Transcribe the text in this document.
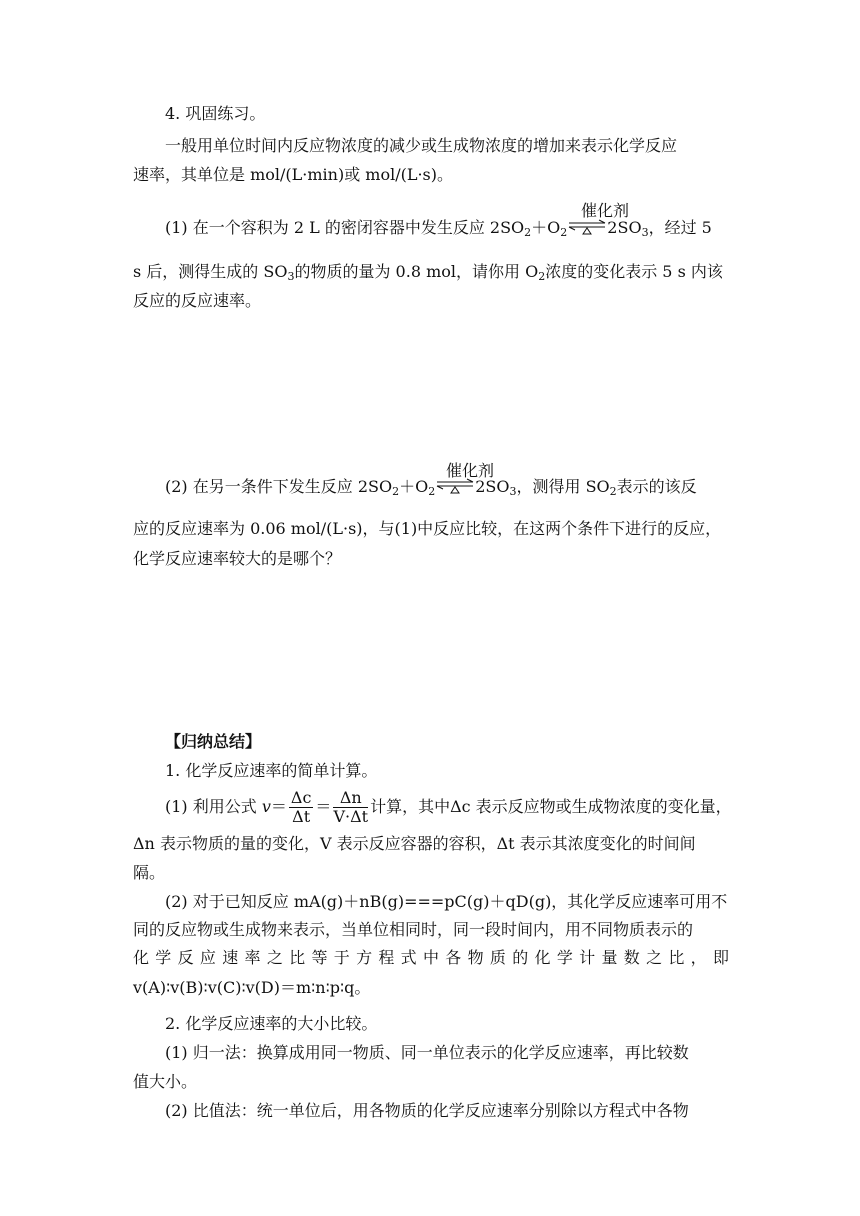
4. 巩固练习。
一般用单位时间内反应物浓度的减少或生成物浓度的增加来表示化学反应
速率，其单位是 mol/(L·min)或 mol/(L·s)。
催化剂
(1) 在一个容积为 2 L 的密闭容器中发生反应 $2SO_2+O_2\rightleftharpoons 2SO_3$，经过 5
s 后，测得生成的 $SO_3$的物质的量为 0.8 mol，请你用 $O_2$浓度的变化表示 5 s 内该
反应的反应速率。
催化剂
(2) 在另一条件下发生反应 $2SO_2+O_2\rightleftharpoons 2SO_3$，测得用 $SO_2$表示的该反
应的反应速率为 0.06 mol/(L·s)，与(1)中反应比较，在这两个条件下进行的反应，
化学反应速率较大的是哪个？
【归纳总结】
1. 化学反应速率的简单计算。
(1) 利用公式 $v= \frac{\Delta c}{\Delta t} = \frac{\Delta n}{V\cdot\Delta t}$ 计算，其中Δc 表示反应物或生成物浓度的变化量，
Δn 表示物质的量的变化，V 表示反应容器的容积，Δt 表示其浓度变化的时间间
隔。
(2) 对于已知反应 mA(g)＋nB(g)===pC(g)＋qD(g)，其化学反应速率可用不
同的反应物或生成物来表示，当单位相同时，同一段时间内，用不同物质表示的
化学反应速率之比等于方程式中各物质的化学计量数之比，即
v(A)∶v(B)∶v(C)∶v(D)＝m∶n∶p∶q。
2. 化学反应速率的大小比较。
(1) 归一法：换算成用同一物质、同一单位表示的化学反应速率，再比较数
值大小。
(2) 比值法：统一单位后，用各物质的化学反应速率分别除以方程式中各物
